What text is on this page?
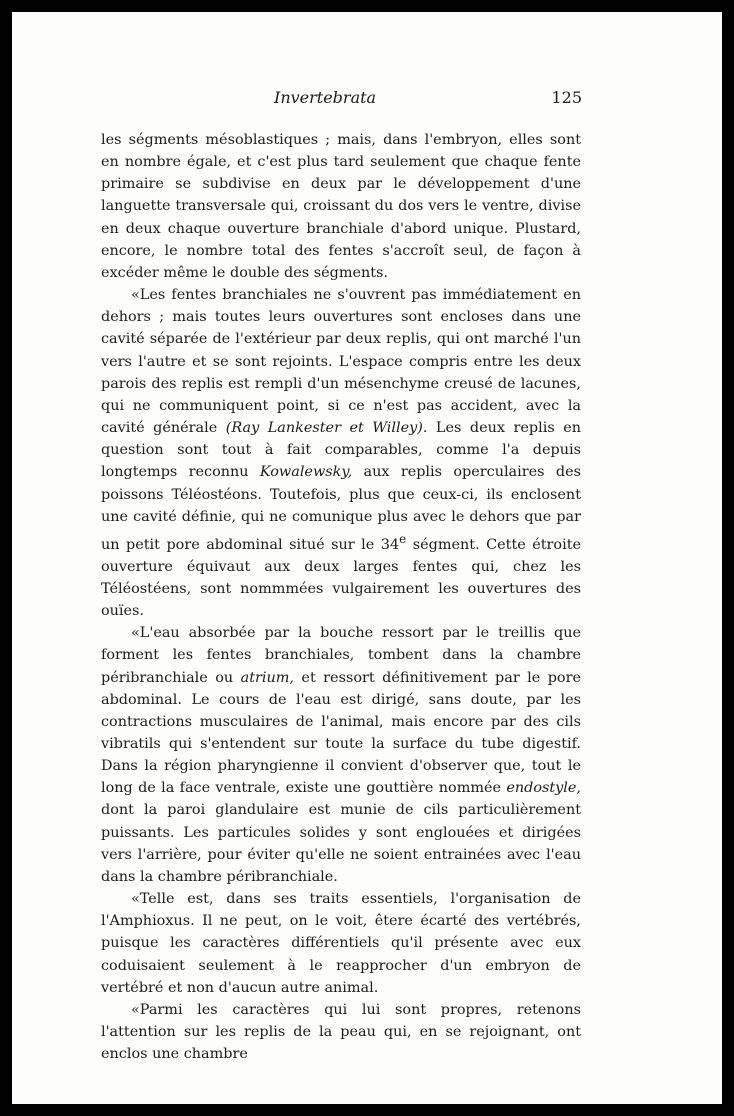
Invertebrata	125

les ségments mésoblastiques ; mais, dans l'embryon, elles sont en nombre égale, et c'est plus tard seulement que chaque fente primaire se subdivise en deux par le développement d'une languette transversale qui, croissant du dos vers le ventre, divise en deux chaque ouverture branchiale d'abord unique. Plustard, encore, le nombre total des fentes s'accroît seul, de façon à excéder même le double des ségments.

«Les fentes branchiales ne s'ouvrent pas immédiatement en dehors ; mais toutes leurs ouvertures sont encloses dans une cavité séparée de l'extérieur par deux replis, qui ont marché l'un vers l'autre et se sont rejoints. L'espace compris entre les deux parois des replis est rempli d'un mésenchyme creusé de lacunes, qui ne communiquent point, si ce n'est pas accident, avec la cavité générale (Ray Lankester et Willey). Les deux replis en question sont tout à fait comparables, comme l'a depuis longtemps reconnu Kowalewsky, aux replis operculaires des poissons Téléostéons. Toutefois, plus que ceux-ci, ils enclosent une cavité définie, qui ne comunique plus avec le dehors que par un petit pore abdominal situé sur le 34e ségment. Cette étroite ouverture équivaut aux deux larges fentes qui, chez les Téléostéens, sont nommmées vulgairement les ouvertures des ouïes.

«L'eau absorbée par la bouche ressort par le treillis que forment les fentes branchiales, tombent dans la chambre péribranchiale ou atrium, et ressort définitivement par le pore abdominal. Le cours de l'eau est dirigé, sans doute, par les contractions musculaires de l'animal, mais encore par des cils vibratils qui s'entendent sur toute la surface du tube digestif. Dans la région pharyngienne il convient d'observer que, tout le long de la face ventrale, existe une gouttière nommée endostyle, dont la paroi glandulaire est munie de cils particulièrement puissants. Les particules solides y sont englouées et dirigées vers l'arrière, pour éviter qu'elle ne soient entrainées avec l'eau dans la chambre péribranchiale.

«Telle est, dans ses traits essentiels, l'organisation de l'Amphioxus. Il ne peut, on le voit, êtere écarté des vertébrés, puisque les caractères différentiels qu'il présente avec eux coduisaient seulement à le reapprocher d'un embryon de vertébré et non d'aucun autre animal.

«Parmi les caractères qui lui sont propres, retenons l'attention sur les replis de la peau qui, en se rejoignant, ont enclos une chambre
